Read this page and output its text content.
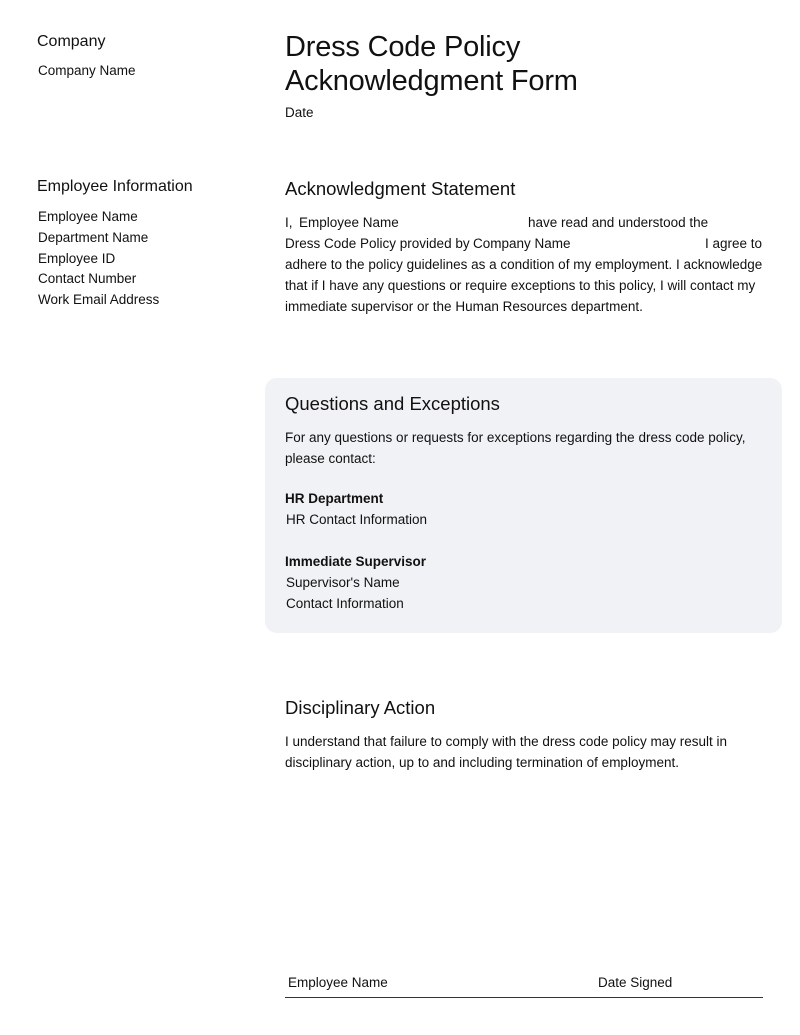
Company
Company Name
Employee Information
Employee Name
Department Name
Employee ID
Contact Number
Work Email Address
Dress Code Policy Acknowledgment Form
Date
Acknowledgment Statement
I, Employee Name	have read and understood the
Dress Code Policy provided by Company Name	I agree to
adhere to the policy guidelines as a condition of my employment. I acknowledge that if I have any questions or require exceptions to this policy, I will contact my immediate supervisor or the Human Resources department.
Questions and Exceptions
For any questions or requests for exceptions regarding the dress code policy, please contact:
HR Department
HR Contact Information
Immediate Supervisor
Supervisor's Name
Contact Information
Disciplinary Action
I understand that failure to comply with the dress code policy may result in disciplinary action, up to and including termination of employment.
Employee Name	Date Signed
